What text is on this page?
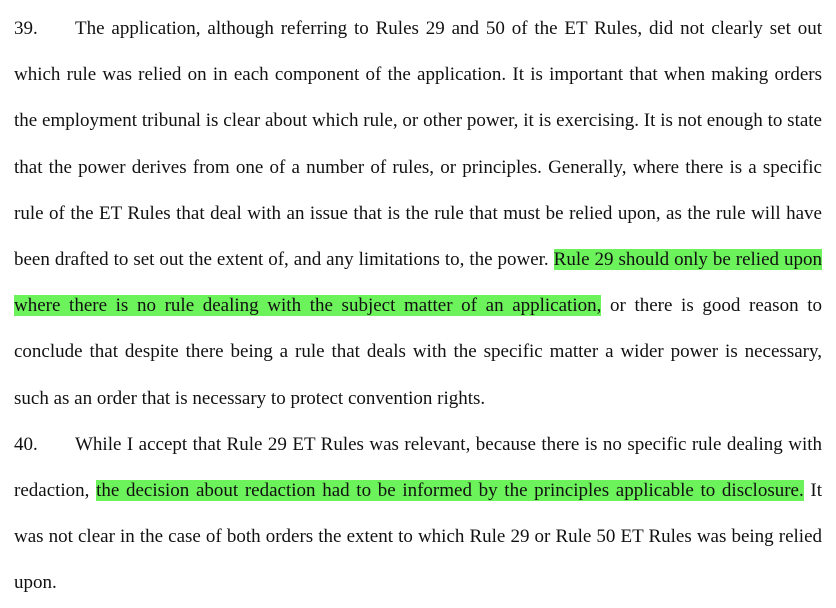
39. The application, although referring to Rules 29 and 50 of the ET Rules, did not clearly set out which rule was relied on in each component of the application. It is important that when making orders the employment tribunal is clear about which rule, or other power, it is exercising. It is not enough to state that the power derives from one of a number of rules, or principles. Generally, where there is a specific rule of the ET Rules that deal with an issue that is the rule that must be relied upon, as the rule will have been drafted to set out the extent of, and any limitations to, the power. Rule 29 should only be relied upon where there is no rule dealing with the subject matter of an application, or there is good reason to conclude that despite there being a rule that deals with the specific matter a wider power is necessary, such as an order that is necessary to protect convention rights.

40. While I accept that Rule 29 ET Rules was relevant, because there is no specific rule dealing with redaction, the decision about redaction had to be informed by the principles applicable to disclosure. It was not clear in the case of both orders the extent to which Rule 29 or Rule 50 ET Rules was being relied upon.
